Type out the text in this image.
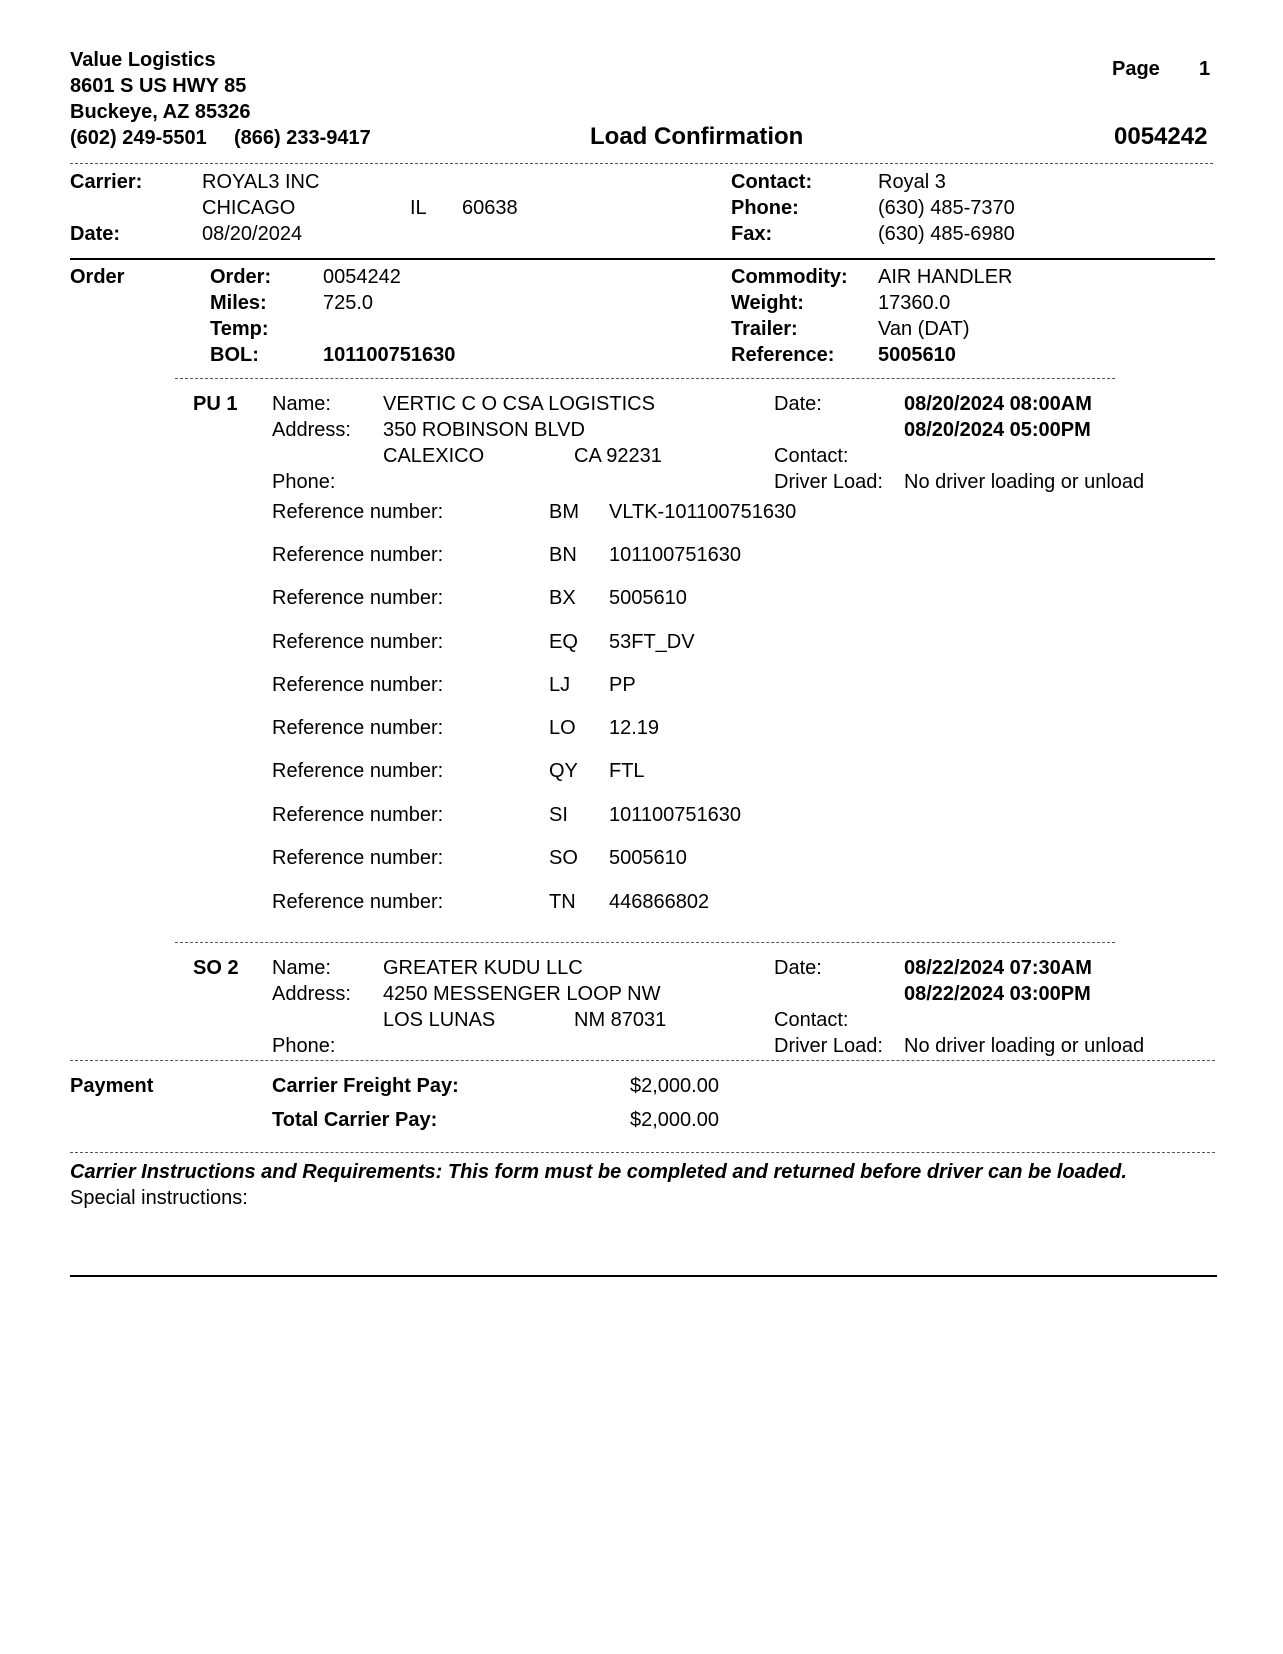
Value Logistics
8601 S US HWY 85
Buckeye, AZ 85326
(602) 249-5501 (866) 233-9417
Page 1
Load Confirmation	0054242
Carrier:	ROYAL3 INC
CHICAGO	IL 60638
Date:	08/20/2024
Contact:	Royal 3
Phone:	(630) 485-7370
Fax:	(630) 485-6980
Order	Order:	0054242
Miles:	725.0
Temp:
BOL:	101100751630
Commodity: AIR HANDLER
Weight:	17360.0
Trailer:	Van (DAT)
Reference: 5005610
PU 1 Name:	VERTIC C O CSA LOGISTICS
Address: 350 ROBINSON BLVD
CALEXICO	CA 92231
Phone:
Date:	08/20/2024 08:00AM
08/20/2024 05:00PM
Contact:
Driver Load: No driver loading or unload
Reference number:	BM VLTK-101100751630
Reference number:	BN 101100751630
Reference number:	BX 5005610
Reference number:	EQ 53FT_DV
Reference number:	LJ PP
Reference number:	LO 12.19
Reference number:	QY FTL
Reference number:	SI 101100751630
Reference number:	SO 5005610
Reference number:	TN 446866802
SO 2 Name:	GREATER KUDU LLC
Address: 4250 MESSENGER LOOP NW
LOS LUNAS	NM 87031
Phone:
Date:	08/22/2024 07:30AM
08/22/2024 03:00PM
Contact:
Driver Load: No driver loading or unload
Payment	Carrier Freight Pay:	$2,000.00
Total Carrier Pay:	$2,000.00
Carrier Instructions and Requirements: This form must be completed and returned before driver can be loaded.
Special instructions:
